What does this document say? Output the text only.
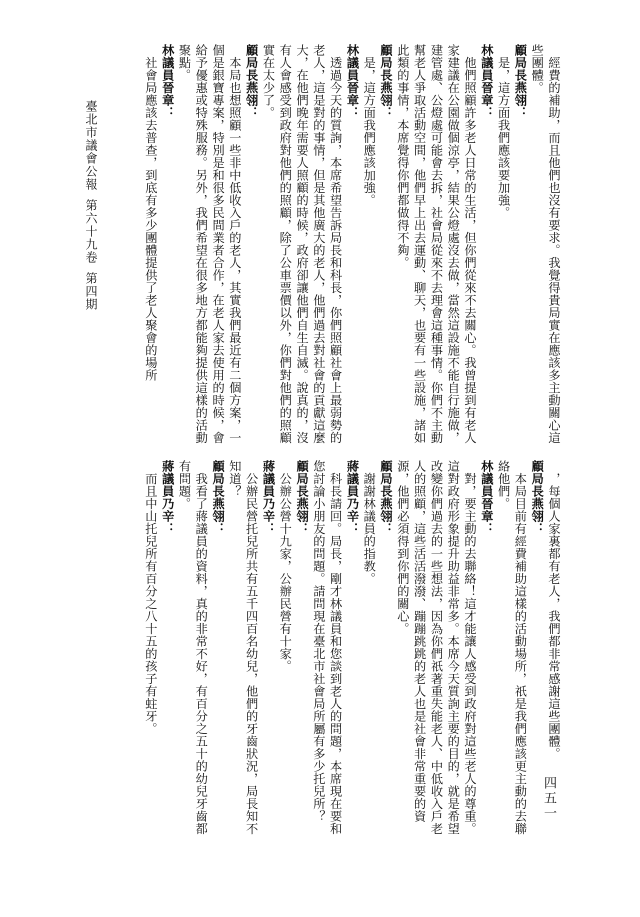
臺北市議會公報
第六十九卷
第四期	　經費的補助，而且他們也沒有要求。我覺得貴局實在應該多主動關心這些團體。
顧局長燕翎：
　是，這方面我們應該要加強。
林議員晉章：
　他們照顧許多老人日常的生活，但你們從來不去關心。我曾提到有老人家建議在公園做個涼亭，結果公燈處沒去做，當然這設施不能自行施做，建管處、公燈處可能會去拆，社會局從來不去理會這種事情。你們不主動幫老人爭取活動空間，他們早上出去運動、聊天，也要有一些設施，諸如此類的事情，本席覺得你們都做得不夠。
顧局長燕翎：
　是，這方面我們應該加強。
林議員晉章：
　透過今天的質詢，本席希望告訴局長和科長，你們照顧社會上最弱勢的老人，這是對的事情，但是其他廣大的老人，他們過去對社會的貢獻這麼大，在他們晚年需要人照顧的時候，政府卻讓他們自生自滅。說真的，沒有人會感受到政府對他們的照顧，除了公車票價以外，你們對他們的照顧實在太少了。
顧局長燕翎：
　本局也想照顧一些非中低收入戶的老人，其實我們最近有二個方案，一個是銀寶專案，特別是和很多民間業者合作，在老人家去使用的時候，會給予優惠或特殊服務。另外，我們希望在很多地方都能夠提供這樣的活動聚點。
林議員晉章：
　社會局應該去普查，到底有多少團體提供了老人聚會的場所
　，每個人家裏都有老人，我們都非常感謝這些團體。
顧局長燕翎：
　本局目前有經費補助這樣的活動場所，祇是我們應該更主動的去聯絡他們。
林議員晉章：
　對，要主動的去聯絡！這才能讓人感受到政府對這些老人的尊重。這對政府形象提升助益非常多。本席今天質詢主要的目的，就是希望改變你們過去的一些想法，因為你們祇著重失能老人、中低收入戶老人的照顧，這些活活潑潑、蹦蹦跳跳的老人也是社會非常重要的資源，他們必須得到你們的關心。
顧局長燕翎：
　謝謝林議員的指教。
蔣議員乃辛：
　科長請回。局長，剛才林議員和您談到老人的問題，本席現在要和您討論小朋友的問題。請問現在臺北市社會局所屬有多少托兒所？
顧局長燕翎：
　公辦公營十九家，公辦民營有十家。
蔣議員乃辛：
　公辦民營托兒所共有五千四百名幼兒，他們的牙齒狀況，局長知不知道？
顧局長燕翎：
　我看了蔣議員的資料，真的非常不好，有百分之五十的幼兒牙齒都有問題。
蔣議員乃辛：
　而且中山托兒所有百分之八十五的孩子有蛀牙。
四五一
